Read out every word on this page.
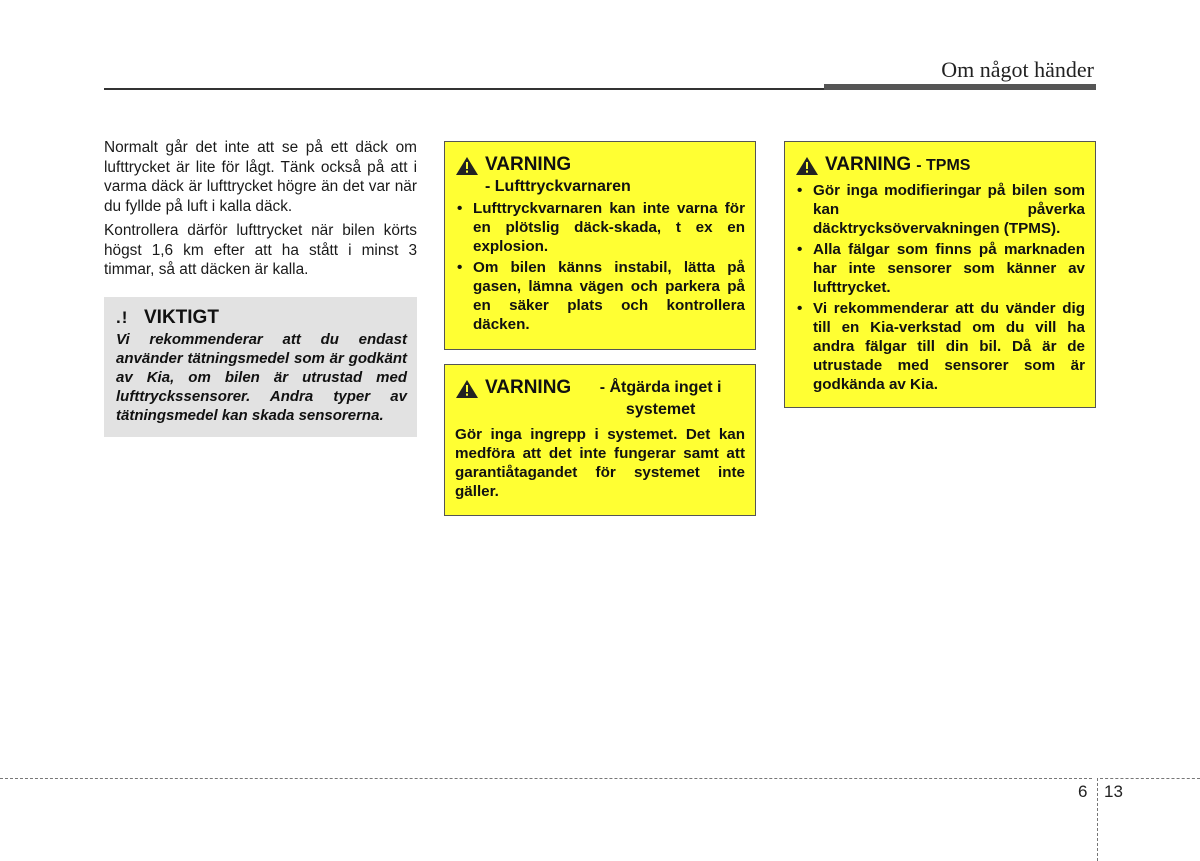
Om något händer

Normalt går det inte att se på ett däck om lufttrycket är lite för lågt. Tänk också på att i varma däck är lufttrycket högre än det var när du fyllde på luft i kalla däck.

Kontrollera därför lufttrycket när bilen körts högst 1,6 km efter att ha stått i minst 3 timmar, så att däcken är kalla.

.! VIKTIGT

Vi rekommenderar att du endast använder tätningsmedel som är godkänt av Kia, om bilen är utrustad med lufttryckssensorer. Andra typer av tätningsmedel kan skada sensorerna.

VARNING
- Lufttryckvarnaren
• Lufttryckvarnaren kan inte varna för en plötslig däck-skada, t ex en explosion.
• Om bilen känns instabil, lätta på gasen, lämna vägen och parkera på en säker plats och kontrollera däcken.
VARNING	- Åtgärda inget i systemet

Gör inga ingrepp i systemet. Det kan medföra att det inte fungerar samt att garantiåtagandet för systemet inte gäller.

VARNING - TPMS
• Gör inga modifieringar på bilen som kan påverka däcktrycksövervakningen (TPMS).
• Alla fälgar som finns på marknaden har inte sensorer som känner av lufttrycket.
• Vi rekommenderar att du vänder dig till en Kia-verkstad om du vill ha andra fälgar till din bil. Då är de utrustade med sensorer som är godkända av Kia.
6 13
